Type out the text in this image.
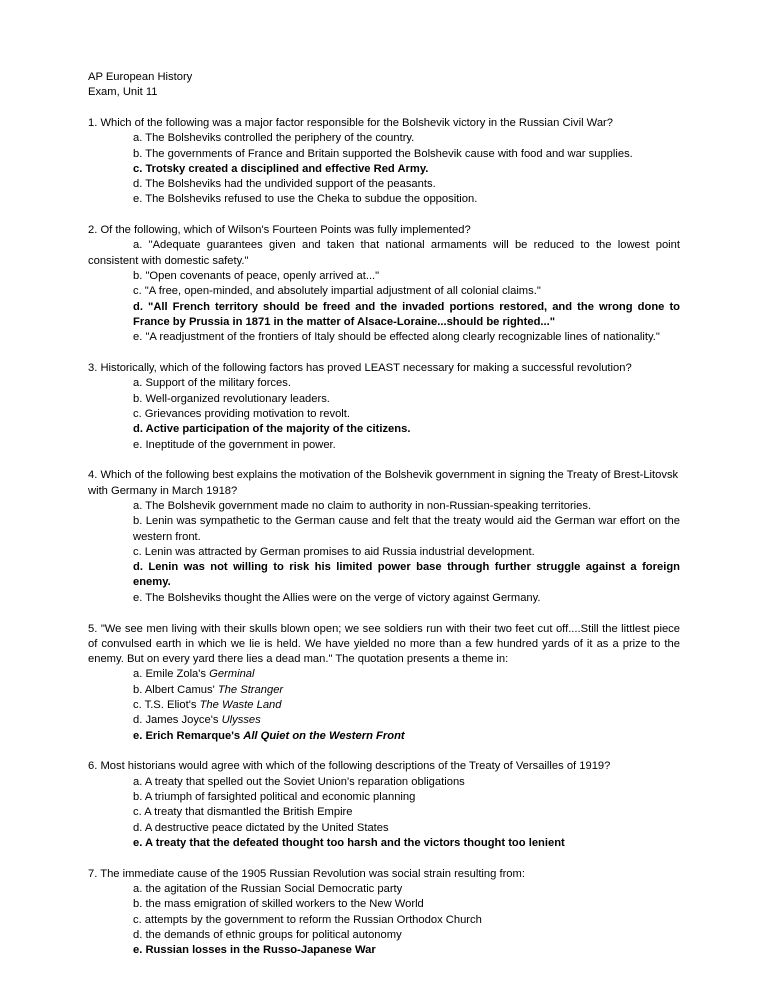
AP European History
Exam, Unit 11

1. Which of the following was a major factor responsible for the Bolshevik victory in the Russian Civil War?

a. The Bolsheviks controlled the periphery of the country.
b. The governments of France and Britain supported the Bolshevik cause with food and war supplies.
c. Trotsky created a disciplined and effective Red Army.
d. The Bolsheviks had the undivided support of the peasants.
e. The Bolsheviks refused to use the Cheka to subdue the opposition.

2. Of the following, which of Wilson's Fourteen Points was fully implemented?

a. "Adequate guarantees given and taken that national armaments will be reduced to the lowest point consistent with domestic safety."
b. "Open covenants of peace, openly arrived at..."
c. "A free, open-minded, and absolutely impartial adjustment of all colonial claims."
d. "All French territory should be freed and the invaded portions restored, and the wrong done to France by Prussia in 1871 in the matter of Alsace-Loraine...should be righted..."
e. "A readjustment of the frontiers of Italy should be effected along clearly recognizable lines of nationality."

3. Historically, which of the following factors has proved LEAST necessary for making a successful revolution?

a. Support of the military forces.
b. Well-organized revolutionary leaders.
c. Grievances providing motivation to revolt.
d. Active participation of the majority of the citizens.
e. Ineptitude of the government in power.

4. Which of the following best explains the motivation of the Bolshevik government in signing the Treaty of Brest-Litovsk with Germany in March 1918?

a. The Bolshevik government made no claim to authority in non-Russian-speaking territories.
b. Lenin was sympathetic to the German cause and felt that the treaty would aid the German war effort on the western front.
c. Lenin was attracted by German promises to aid Russia industrial development.
d. Lenin was not willing to risk his limited power base through further struggle against a foreign enemy.
e. The Bolsheviks thought the Allies were on the verge of victory against Germany.

5. "We see men living with their skulls blown open; we see soldiers run with their two feet cut off....Still the littlest piece of convulsed earth in which we lie is held. We have yielded no more than a few hundred yards of it as a prize to the enemy. But on every yard there lies a dead man." The quotation presents a theme in:

a. Emile Zola's Germinal
b. Albert Camus' The Stranger
c. T.S. Eliot's The Waste Land
d. James Joyce's Ulysses
e. Erich Remarque's All Quiet on the Western Front

6. Most historians would agree with which of the following descriptions of the Treaty of Versailles of 1919?

a. A treaty that spelled out the Soviet Union's reparation obligations
b. A triumph of farsighted political and economic planning
c. A treaty that dismantled the British Empire
d. A destructive peace dictated by the United States
e. A treaty that the defeated thought too harsh and the victors thought too lenient

7. The immediate cause of the 1905 Russian Revolution was social strain resulting from:

a. the agitation of the Russian Social Democratic party
b. the mass emigration of skilled workers to the New World
c. attempts by the government to reform the Russian Orthodox Church
d. the demands of ethnic groups for political autonomy
e. Russian losses in the Russo-Japanese War
